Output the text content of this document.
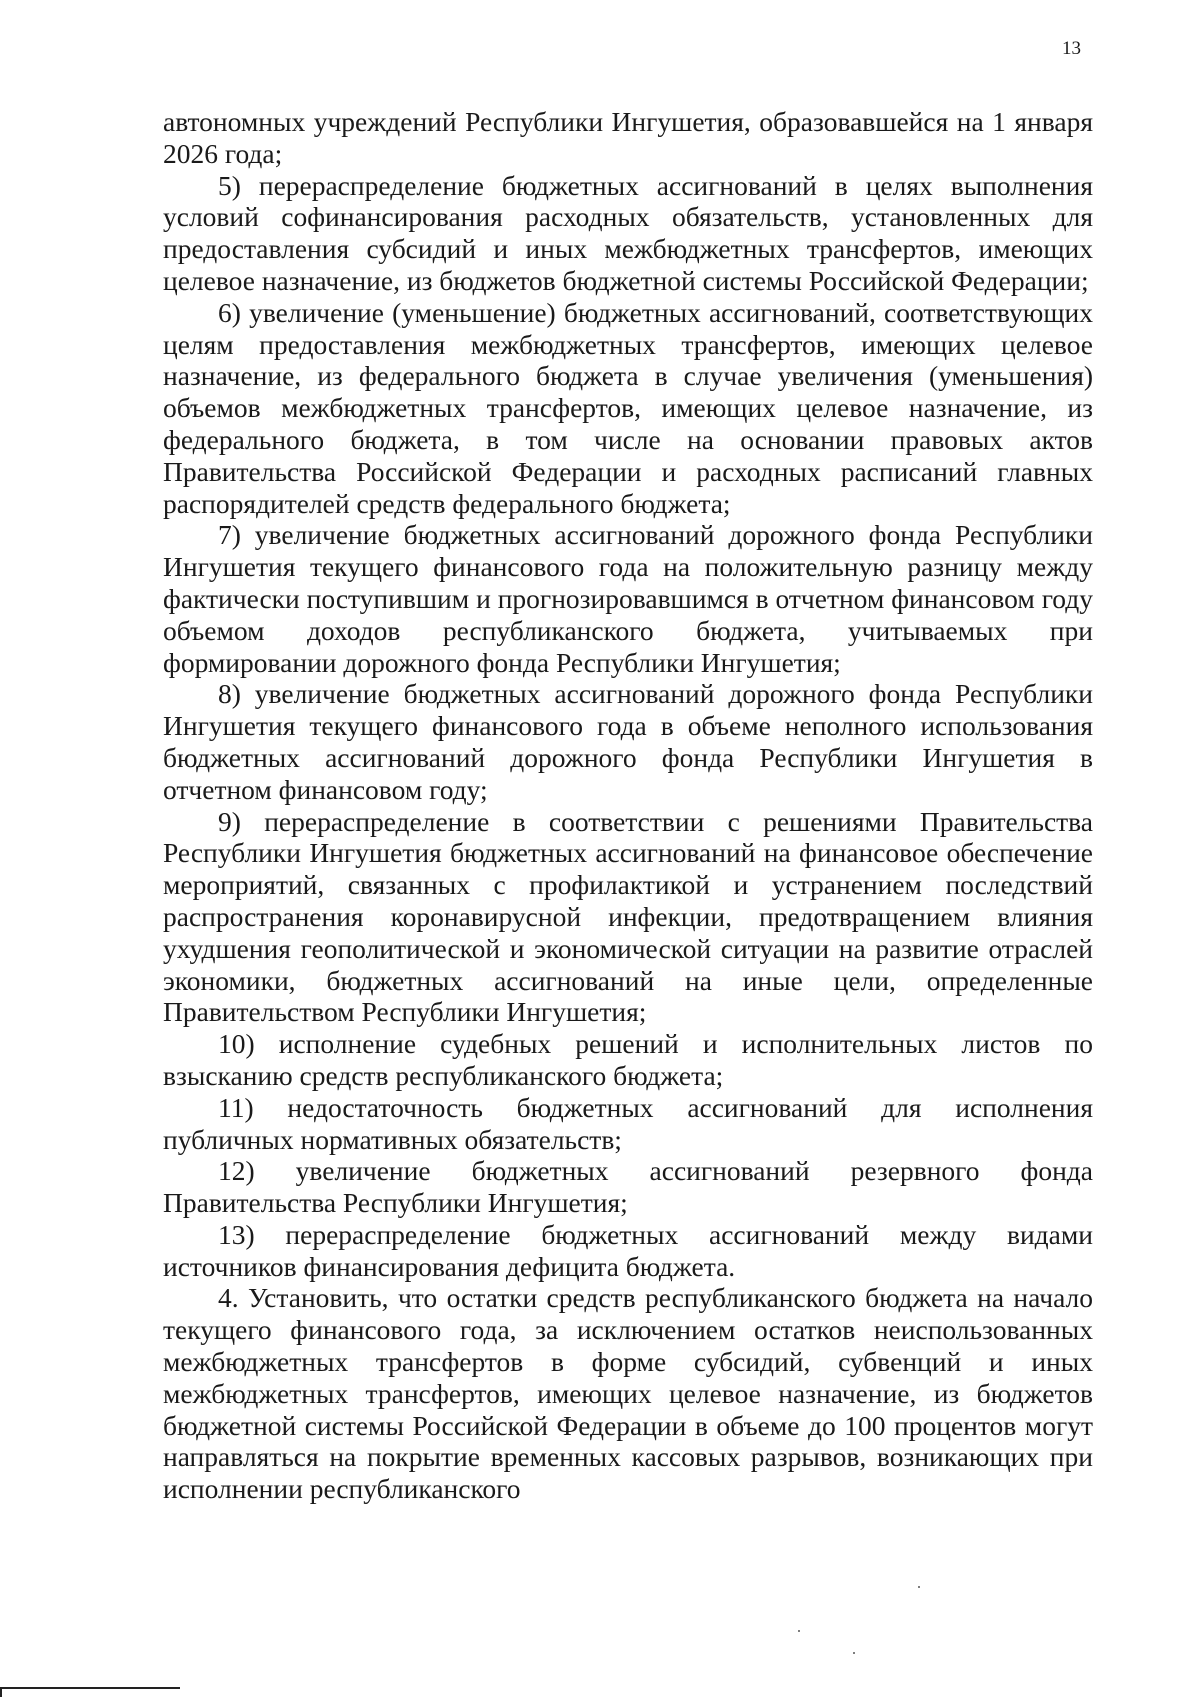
13

автономных учреждений Республики Ингушетия, образовавшейся на 1 января 2026 года;

5) перераспределение бюджетных ассигнований в целях выполнения условий софинансирования расходных обязательств, установленных для предоставления субсидий и иных межбюджетных трансфертов, имеющих целевое назначение, из бюджетов бюджетной системы Российской Федерации;

6) увеличение (уменьшение) бюджетных ассигнований, соответствующих целям предоставления межбюджетных трансфертов, имеющих целевое назначение, из федерального бюджета в случае увеличения (уменьшения) объемов межбюджетных трансфертов, имеющих целевое назначение, из федерального бюджета, в том числе на основании правовых актов Правительства Российской Федерации и расходных расписаний главных распорядителей средств федерального бюджета;

7) увеличение бюджетных ассигнований дорожного фонда Республики Ингушетия текущего финансового года на положительную разницу между фактически поступившим и прогнозировавшимся в отчетном финансовом году объемом доходов республиканского бюджета, учитываемых при формировании дорожного фонда Республики Ингушетия;

8) увеличение бюджетных ассигнований дорожного фонда Республики Ингушетия текущего финансового года в объеме неполного использования бюджетных ассигнований дорожного фонда Республики Ингушетия в отчетном финансовом году;

9) перераспределение в соответствии с решениями Правительства Республики Ингушетия бюджетных ассигнований на финансовое обеспечение мероприятий, связанных с профилактикой и устранением последствий распространения коронавирусной инфекции, предотвращением влияния ухудшения геополитической и экономической ситуации на развитие отраслей экономики, бюджетных ассигнований на иные цели, определенные Правительством Республики Ингушетия;

10) исполнение судебных решений и исполнительных листов по взысканию средств республиканского бюджета;

11) недостаточность бюджетных ассигнований для исполнения публичных нормативных обязательств;

12) увеличение бюджетных ассигнований резервного фонда Правительства Республики Ингушетия;

13) перераспределение бюджетных ассигнований между видами источников финансирования дефицита бюджета.

4. Установить, что остатки средств республиканского бюджета на начало текущего финансового года, за исключением остатков неиспользованных межбюджетных трансфертов в форме субсидий, субвенций и иных межбюджетных трансфертов, имеющих целевое назначение, из бюджетов бюджетной системы Российской Федерации в объеме до 100 процентов могут направляться на покрытие временных кассовых разрывов, возникающих при исполнении республиканского
